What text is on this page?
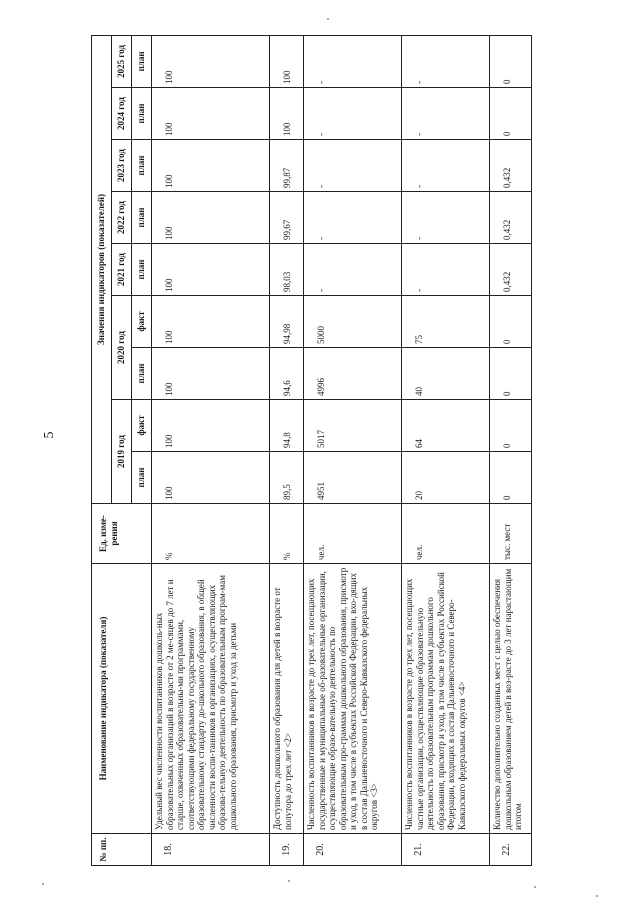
5
№ пп.	Наименование индикатора (показателя)	Ед. изме-рения	Значения индикаторов (показателей)								
			2019 год		2020 год		2021 год	2022 год	2023 год	2024 год	2025 год
			план	факт	план	факт	план	план	план	план	план
18.	Удельный вес численности воспитанников дошколь-ных образовательных организаций в возрасте от 2 ме-сяцев до 7 лет и старше, охваченных образовательны-ми программами, соответствующими федеральному государственному образовательному стандарту до-школьного образования, в общей численности воспи-танников в организациях, осуществляющих образова-тельную деятельность по образовательным програм-мам дошкольного образования, присмотр и уход за детьми	%	100	100	100	100	100	100	100	100	100
19.	Доступность дошкольного образования для детей в возрасте от полутора до трех лет <2>	%	89,5	94,8	94,6	94,98	98,03	99,67	99,87	100	100
20.	Численность воспитанников в возрасте до трех лет, посещающих государственные и муниципальные об-разовательные организации, осуществляющие образо-вательную деятельность по образовательным про-граммам дошкольного образования, присмотр и уход, в том числе в субъектах Российской Федерации, вхо-дящих в состав Дальневосточного и Северо-Кавказского федеральных округов <3>	чел.	4951	5017	4996	5000	-	-	-	-	-
21.	Численность воспитанников в возрасте до трех лет, посещающих частные организации, осуществляющие образовательную деятельность по образовательным программам дошкольного образования, присмотр и уход, в том числе в субъектах Российской Федерации, входящих в состав Дальневосточного и Северо-Кавказского федеральных округов <4>	чел.	20	64	40	75	-	-	-	-	-
22.	Количество дополнительно созданных мест с целью обеспечения дошкольным образованием детей в воз-расте до 3 лет нарастающим итогом	тыс. мест	0	0	0	0	0,432	0,432	0,432	0	0
